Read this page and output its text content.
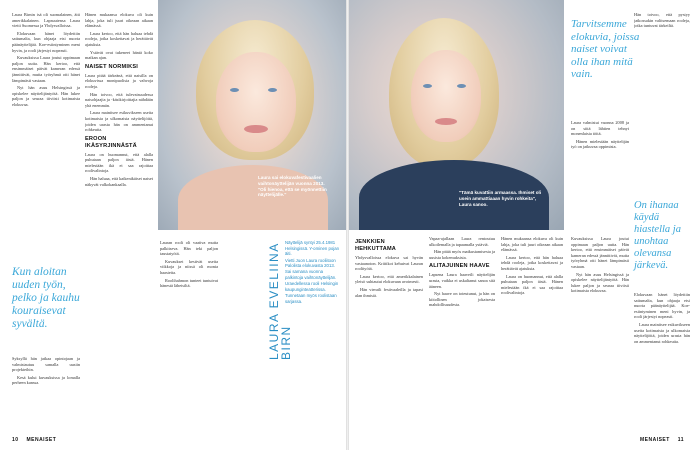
Laura Birnin isä oli suomalainen, äiti amerikkalainen. Lapsuutensa Laura vietti Suomessa ja Yhdysvalloissa.

Elokuvaan hänet löydettiin sattumalta, kun ohjaaja etsi nuorta päänäyttelijää. Koe-esiintyminen meni hyvin, ja rooli järjestyi nopeasti.

Kuvauksissa Laura joutui oppimaan paljon uutta. Hän kertoo, että ensimmäiset päivät kameran edessä jännittivät, mutta työryhmä otti hänet lämpimästi vastaan.

Nyt hän asuu Helsingissä ja opiskelee näyttelijäntyötä. Hän lukee paljon ja seuraa tiiviisti kotimaista elokuvaa.

Kun aloitan uuden työn, pelko ja kauhu kouraisevat syvältä.

Syksyllä hän jatkaa opintojaan ja valmistautuu samalla uusiin projekteihin.

Kesä kului kuvauksissa ja lomalla perheen kanssa.

Hänen mukaansa elokuva oli kuin lahja, joka tuli juuri oikeaan aikaan elämässä.

Laura kertoo, että hän haluaa tehdä rooleja, jotka koskettavat ja herättävät ajatuksia.

Ystävät ovat tukeneet häntä koko matkan ajan.

NAISET NORMIKSI

Laura pitää tärkeänä, että naisilla on elokuvissa monipuolisia ja vahvoja rooleja.

Hän toivoo, että tulevaisuudessa naisohjaajia ja -käsikirjoittajia nähdään yhä enemmän.

Laura mainitsee esikuvikseen useita kotimaisia ja ulkomaisia näyttelijöitä, joiden urasta hän on ammentanut rohkeutta.

EROON IKÄSYRJINNÄSTÄ

Laura on huomannut, että alalla puhutaan paljon iästä. Hänen mielestään ikä ei saa rajoittaa roolivalintoja.

Hän haluaa, että kaikenikäiset naiset näkyvät valkokankaalla.

Laura sai elokuvafestivaalien vaihtonäyttelijän vuonna 2013. "Oli hienoa, että se myönnettiin näyttelijälle."

Lauran rooli oli vaativa mutta palkitseva. Hän teki paljon taustatyötä.

Kuvaukset kestivät useita viikkoja ja niissä oli monia haasteita.

Roolihahmon tunteet tuntuivat hänestä läheisiltä.	LAURA EVELIINA BIRN
Näyttelijä syntyi 25.4.1981 Helsingissä. Y-ominen pojan äiti.
Vietti Juon Laura rooliitoon Palolista elokuvasta 2013. Sai samana vuonna palkintoja vaihtonäyttelijän.
Uraedellessa rooli Helsingin kaupunginteatterissa.
Tunnetaan myös roolistaan sarjassa.
10 MENAISET
"Tämä kuvattiin armaassa. Ihmiset oli usein ammattiaaan hyvin rohkeita", Laura sanoo.
Tarvitsemme elokuvia, joissa naiset voivat olla ihan mitä vain.

Laura valmistui vuonna 2008 ja on siitä lähtien tehnyt monenlaisia töitä.

Hänen mielestään näyttelijän työ on jatkuvaa oppimista.

JENKKIEN HEHKUTTAMA

Yhdysvalloissa elokuva sai hyvän vastaanoton. Kriitikot kehuivat Lauran roolityötä.

Laura kertoo, että amerikkalainen yleisö suhtautui elokuvaan avoimesti.

Hän vieraili festivaaleilla ja tapasi alan ihmisiä.

Vapaa-ajallaan Laura rentoutuu ulkoilemalla ja tapaamalla ystäviä.

Hän pitää myös matkustamisesta ja uusista kokemuksista.

ALITAJUINEN HAAVE

Lapsena Laura haaveili näyttelijän urasta, vaikka ei uskaltanut sanoa sitä ääneen.

Nyt haave on toteutunut, ja hän on kiitollinen jokaisesta mahdollisuudesta.

Hän toivoo, että pystyy jatkossakin valitsemaan rooleja, jotka tuntuvat tärkeiltä.

On ihanaa käydä hiastella ja unohtaa olevansa järkevä.

Elokuvaan hänet löydettiin sattumalta, kun ohjaaja etsi nuorta päänäyttelijää. Koe-esiintyminen meni hyvin, ja rooli järjestyi nopeasti.

Laura mainitsee esikuvikseen useita kotimaisia ja ulkomaisia näyttelijöitä, joiden urasta hän on ammentanut rohkeutta.

Hänen mukaansa elokuva oli kuin lahja, joka tuli juuri oikeaan aikaan elämässä.

Laura kertoo, että hän haluaa tehdä rooleja, jotka koskettavat ja herättävät ajatuksia.

Laura on huomannut, että alalla puhutaan paljon iästä. Hänen mielestään ikä ei saa rajoittaa roolivalintoja.

Kuvauksissa Laura joutui oppimaan paljon uutta. Hän kertoo, että ensimmäiset päivät kameran edessä jännittivät, mutta työryhmä otti hänet lämpimästi vastaan.

Nyt hän asuu Helsingissä ja opiskelee näyttelijäntyötä. Hän lukee paljon ja seuraa tiiviisti kotimaista elokuvaa.

MENAISET 11
